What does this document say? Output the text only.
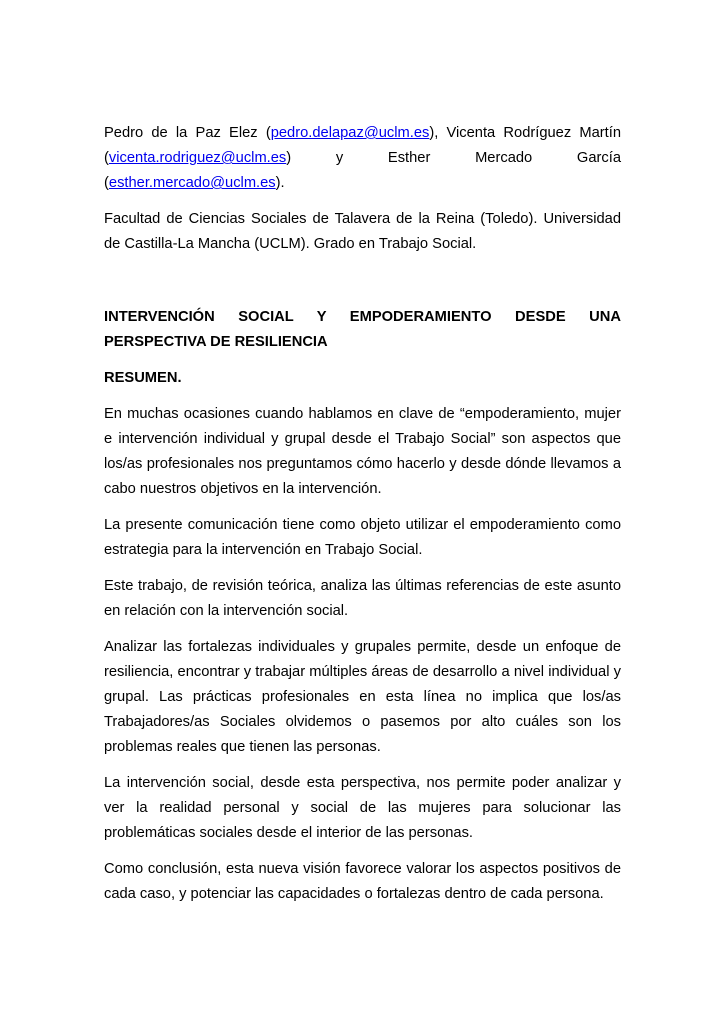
Pedro de la Paz Elez (pedro.delapaz@uclm.es), Vicenta Rodríguez Martín (vicenta.rodriguez@uclm.es) y Esther Mercado García (esther.mercado@uclm.es).

Facultad de Ciencias Sociales de Talavera de la Reina (Toledo). Universidad de Castilla-La Mancha (UCLM). Grado en Trabajo Social.

INTERVENCIÓN SOCIAL Y EMPODERAMIENTO DESDE UNA PERSPECTIVA DE RESILIENCIA

RESUMEN.

En muchas ocasiones cuando hablamos en clave de “empoderamiento, mujer e intervención individual y grupal desde el Trabajo Social” son aspectos que los/as profesionales nos preguntamos cómo hacerlo y desde dónde llevamos a cabo nuestros objetivos en la intervención.

La presente comunicación tiene como objeto utilizar el empoderamiento como estrategia para la intervención en Trabajo Social.

Este trabajo, de revisión teórica, analiza las últimas referencias de este asunto en relación con la intervención social.

Analizar las fortalezas individuales y grupales permite, desde un enfoque de resiliencia, encontrar y trabajar múltiples áreas de desarrollo a nivel individual y grupal. Las prácticas profesionales en esta línea no implica que los/as Trabajadores/as Sociales olvidemos o pasemos por alto cuáles son los problemas reales que tienen las personas.

La intervención social, desde esta perspectiva, nos permite poder analizar y ver la realidad personal y social de las mujeres para solucionar las problemáticas sociales desde el interior de las personas.

Como conclusión, esta nueva visión favorece valorar los aspectos positivos de cada caso, y potenciar las capacidades o fortalezas dentro de cada persona.
